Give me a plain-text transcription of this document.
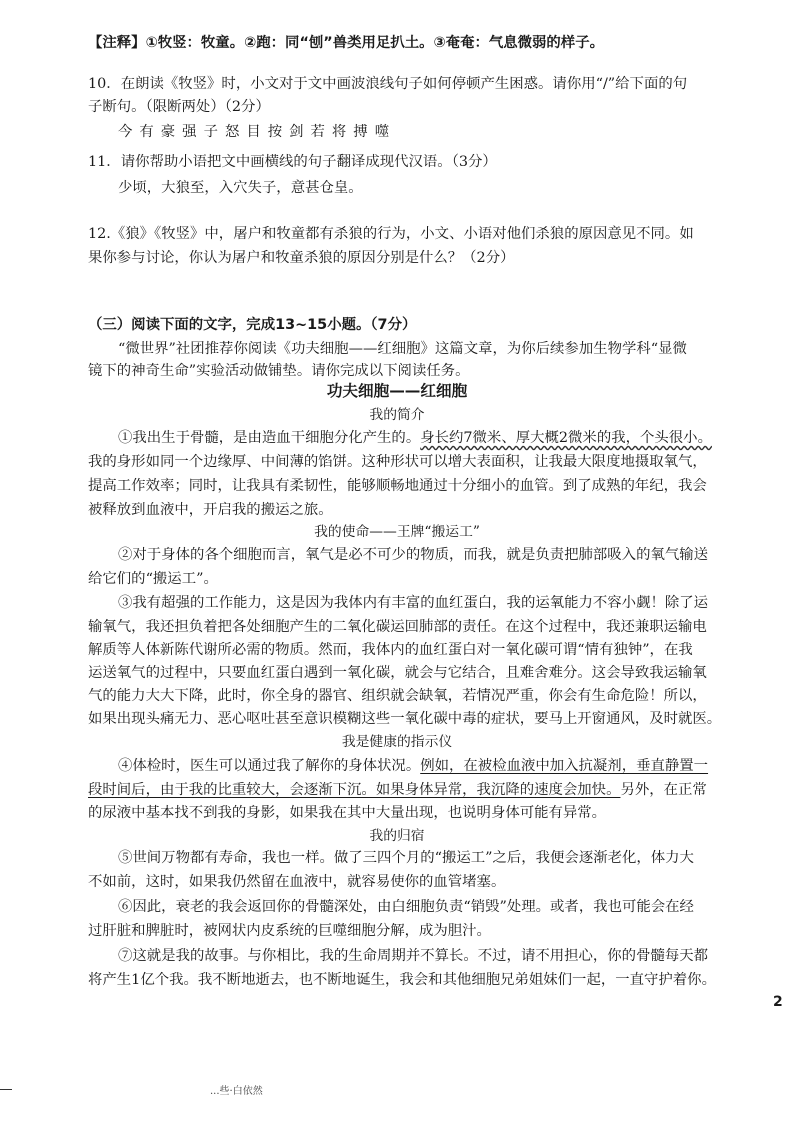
【注释】①牧竖：牧童。②跑：同“刨”兽类用足扒土。③奄奄：气息微弱的样子。
10．在朗读《牧竖》时，小文对于文中画波浪线句子如何停顿产生困惑。请你用“/”给下面的句
子断句。（限断两处）（2分）
今有豪强子怒目按剑若将搏噬
11．请你帮助小语把文中画横线的句子翻译成现代汉语。（3分）
少顷，大狼至，入穴失子，意甚仓皇。
12.《狼》《牧竖》中，屠户和牧童都有杀狼的行为，小文、小语对他们杀狼的原因意见不同。如
果你参与讨论，你认为屠户和牧童杀狼的原因分别是什么？（2分）
（三）阅读下面的文字，完成13~15小题。（7分）
“微世界”社团推荐你阅读《功夫细胞——红细胞》这篇文章，为你后续参加生物学科“显微
镜下的神奇生命”实验活动做铺垫。请你完成以下阅读任务。
功夫细胞——红细胞
我的简介
①我出生于骨髓，是由造血干细胞分化产生的。身长约7微米、厚大概2微米的我，个头很小。
我的身形如同一个边缘厚、中间薄的馅饼。这种形状可以增大表面积，让我最大限度地摄取氧气，
提高工作效率；同时，让我具有柔韧性，能够顺畅地通过十分细小的血管。到了成熟的年纪，我会
被释放到血液中，开启我的搬运之旅。
我的使命——王牌“搬运工”
②对于身体的各个细胞而言，氧气是必不可少的物质，而我，就是负责把肺部吸入的氧气输送
给它们的“搬运工”。
③我有超强的工作能力，这是因为我体内有丰富的血红蛋白，我的运氧能力不容小觑！除了运
输氧气，我还担负着把各处细胞产生的二氧化碳运回肺部的责任。在这个过程中，我还兼职运输电
解质等人体新陈代谢所必需的物质。然而，我体内的血红蛋白对一氧化碳可谓“情有独钟”，在我
运送氧气的过程中，只要血红蛋白遇到一氧化碳，就会与它结合，且难舍难分。这会导致我运输氧
气的能力大大下降，此时，你全身的器官、组织就会缺氧，若情况严重，你会有生命危险！所以，
如果出现头痛无力、恶心呕吐甚至意识模糊这些一氧化碳中毒的症状，要马上开窗通风，及时就医。
我是健康的指示仪
④体检时，医生可以通过我了解你的身体状况。例如，在被检血液中加入抗凝剂，垂直静置一
段时间后，由于我的比重较大，会逐渐下沉。如果身体异常，我沉降的速度会加快。另外，在正常
的尿液中基本找不到我的身影，如果我在其中大量出现，也说明身体可能有异常。
我的归宿
⑤世间万物都有寿命，我也一样。做了三四个月的“搬运工”之后，我便会逐渐老化，体力大
不如前，这时，如果我仍然留在血液中，就容易使你的血管堵塞。
⑥因此，衰老的我会返回你的骨髓深处，由白细胞负责“销毁”处理。或者，我也可能会在经
过肝脏和脾脏时，被网状内皮系统的巨噬细胞分解，成为胆汁。
⑦这就是我的故事。与你相比，我的生命周期并不算长。不过，请不用担心，你的骨髓每天都
将产生1亿个我。我不断地逝去，也不断地诞生，我会和其他细胞兄弟姐妹们一起，一直守护着你。
2
...些·白依然
